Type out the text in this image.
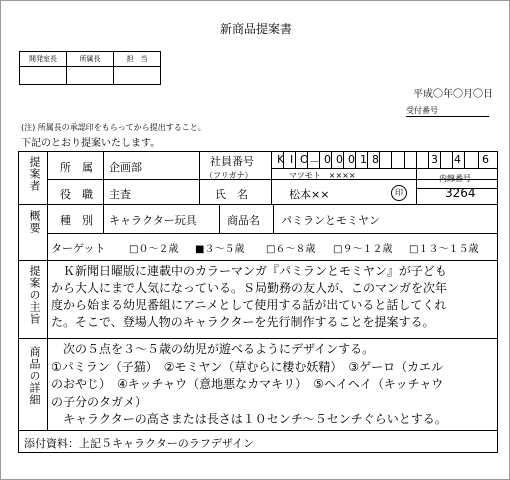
新商品提案書
開発室長	所属長	担　当

平成〇年〇月〇日
受付番号
(注) 所属長の承認印をもらってから提出すること。
下記のとおり提案いたします。
提案者 所　属 企画部	社員番号
（フリガナ）
K I O － 0 0 0 1 8	3 4 6
マツモト　××××	内線番号
役　職 主査	氏　名	松本××	印	3264
概要 種　別 キャラクター玩具	商品名 パミランとモミヤン
ターゲット □０～２歳 ■３～５歳 □６～８歳 □９～１２歳 □１３～１５歳
提案の主旨 　Ｋ新聞日曜版に連載中のカラーマンガ『パミランとモミヤン』が子ども
から大人にまで人気になっている。Ｓ局勤務の友人が、このマンガを次年
度から始まる幼児番組にアニメとして使用する話が出ていると話してくれ
た。そこで、登場人物のキャラクターを先行制作することを提案する。
商品の詳細 　次の５点を３～５歳の幼児が遊べるようにデザインする。
①パミラン（子猫）　②モミヤン（草むらに棲む妖精）　③ゲーロ（カエル
のおやじ）　④キッチャウ（意地悪なカマキリ）　⑤ヘイヘイ（キッチャウ
の子分のタガメ）
　キャラクターの高さまたは長さは１０センチ～５センチぐらいとする。
添付資料：上記５キャラクターのラフデザイン
